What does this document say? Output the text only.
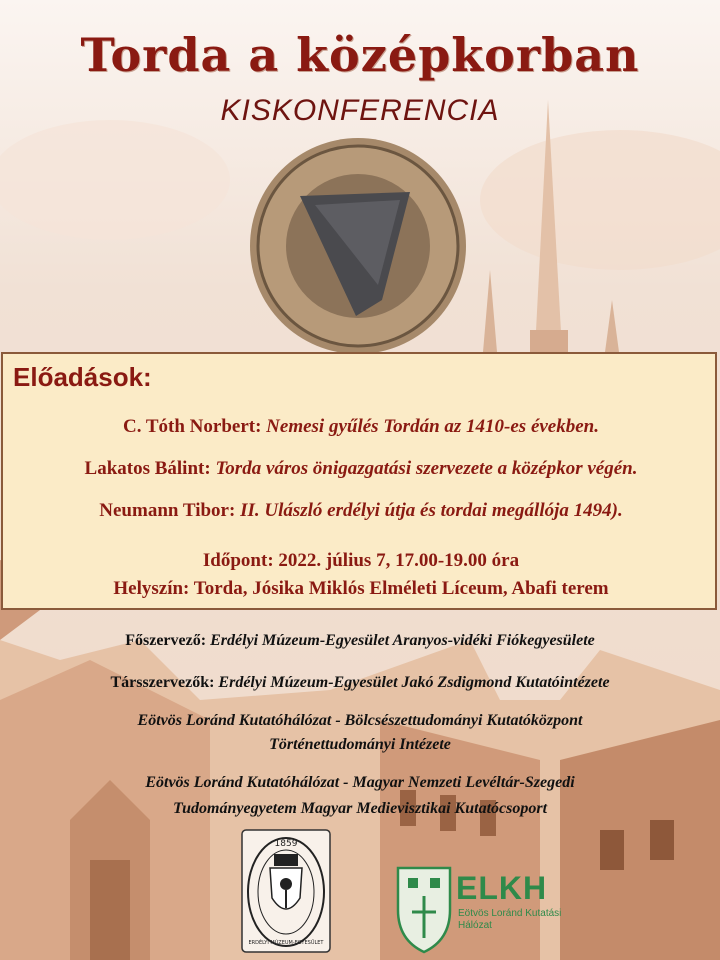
Torda a középkorban
KISKONFERENCIA
Előadások:
C. Tóth Norbert: Nemesi gyűlés Tordán az 1410-es években.
Lakatos Bálint: Torda város önigazgatási szervezete a középkor végén.
Neumann Tibor: II. Ulászló erdélyi útja és tordai megállója 1494).
Időpont: 2022. július 7, 17.00-19.00 óra
Helyszín: Torda, Jósika Miklós Elméleti Líceum, Abafi terem
Főszervező: Erdélyi Múzeum-Egyesület Aranyos-vidéki Fiókegyesülete
Társszervezők: Erdélyi Múzeum-Egyesület Jakó Zsdigmond Kutatóintézete
Eötvös Loránd Kutatóhálózat - Bölcsészettudományi Kutatóközpont
Történettudományi Intézete
Eötvös Loránd Kutatóhálózat - Magyar Nemzeti Levéltár-Szegedi
Tudományegyetem Magyar Medievisztikai Kutatócsoport
1859
ERDÉLYI MÚZEUM-EGYESÜLET
ELKH
Eötvös Loránd Kutatási Hálózat
